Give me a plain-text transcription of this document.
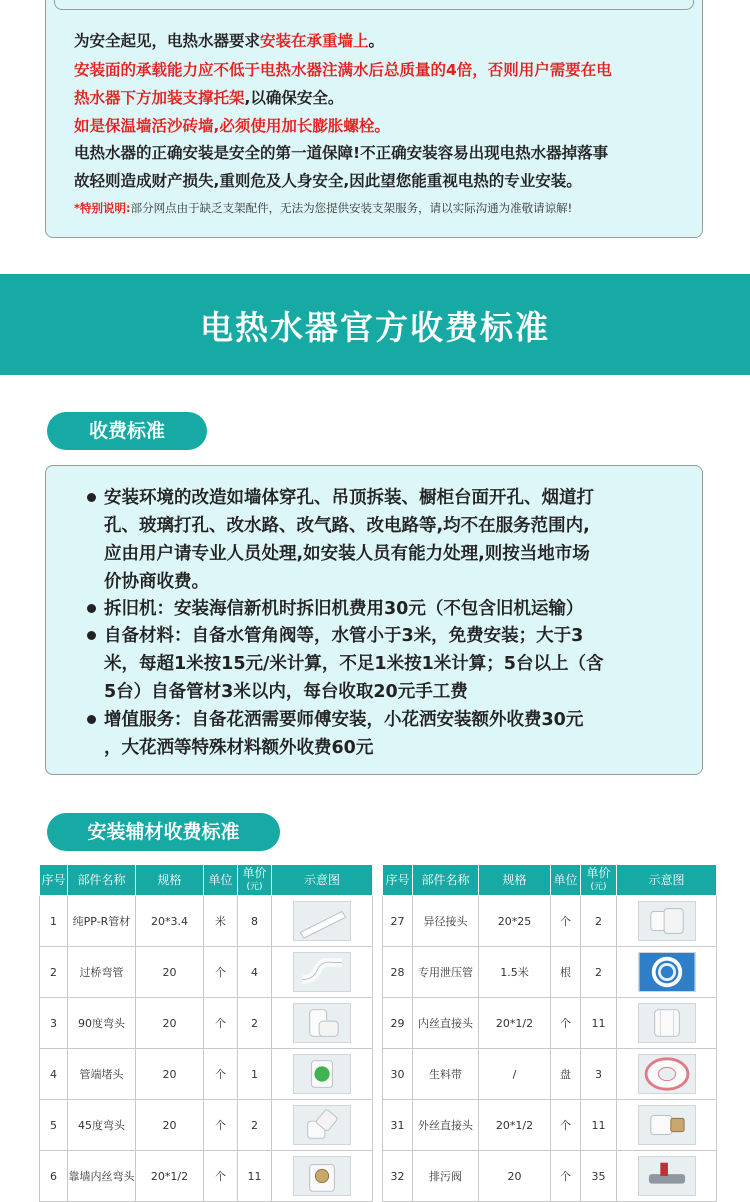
为安全起见，电热水器要求安装在承重墙上。
安装面的承载能力应不低于电热水器注满水后总质量的4倍，否则用户需要在电
热水器下方加装支撑托架,以确保安全。
如是保温墙活沙砖墙,必须使用加长膨胀螺栓。
电热水器的正确安装是安全的第一道保障!不正确安装容易出现电热水器掉落事
故轻则造成财产损失,重则危及人身安全,因此望您能重视电热的专业安装。
*特别说明:部分网点由于缺乏支架配件，无法为您提供安装支架服务，请以实际沟通为准敬请谅解!
电热水器官方收费标准
收费标准
安装环境的改造如墙体穿孔、吊顶拆装、橱柜台面开孔、烟道打
孔、玻璃打孔、改水路、改气路、改电路等,均不在服务范围内,
应由用户请专业人员处理,如安装人员有能力处理,则按当地市场
价协商收费。
拆旧机：安装海信新机时拆旧机费用30元（不包含旧机运输）
自备材料：自备水管角阀等，水管小于3米，免费安装；大于3
米，每超1米按15元/米计算，不足1米按1米计算；5台以上（含
5台）自备管材3米以内，每台收取20元手工费
增值服务：自备花洒需要师傅安装，小花洒安装额外收费30元
，大花洒等特殊材料额外收费60元
安装辅材收费标准
序号	部件名称	规格	单位	单价
(元)	示意图
1	纯PP-R管材	20*3.4	米	8	

2	过桥弯管	20	个	4	

3	90度弯头	20	个	2	

4	管端堵头	20	个	1	

5	45度弯头	20	个	2	

6	靠墙内丝弯头	20*1/2	个	11	
序号	部件名称	规格	单位	单价
(元)	示意图
27	异径接头	20*25	个	2	

28	专用泄压管	1.5米	根	2	

29	内丝直接头	20*1/2	个	11	

30	生料带	/	盘	3	

31	外丝直接头	20*1/2	个	11	

32	排污阀	20	个	35	
